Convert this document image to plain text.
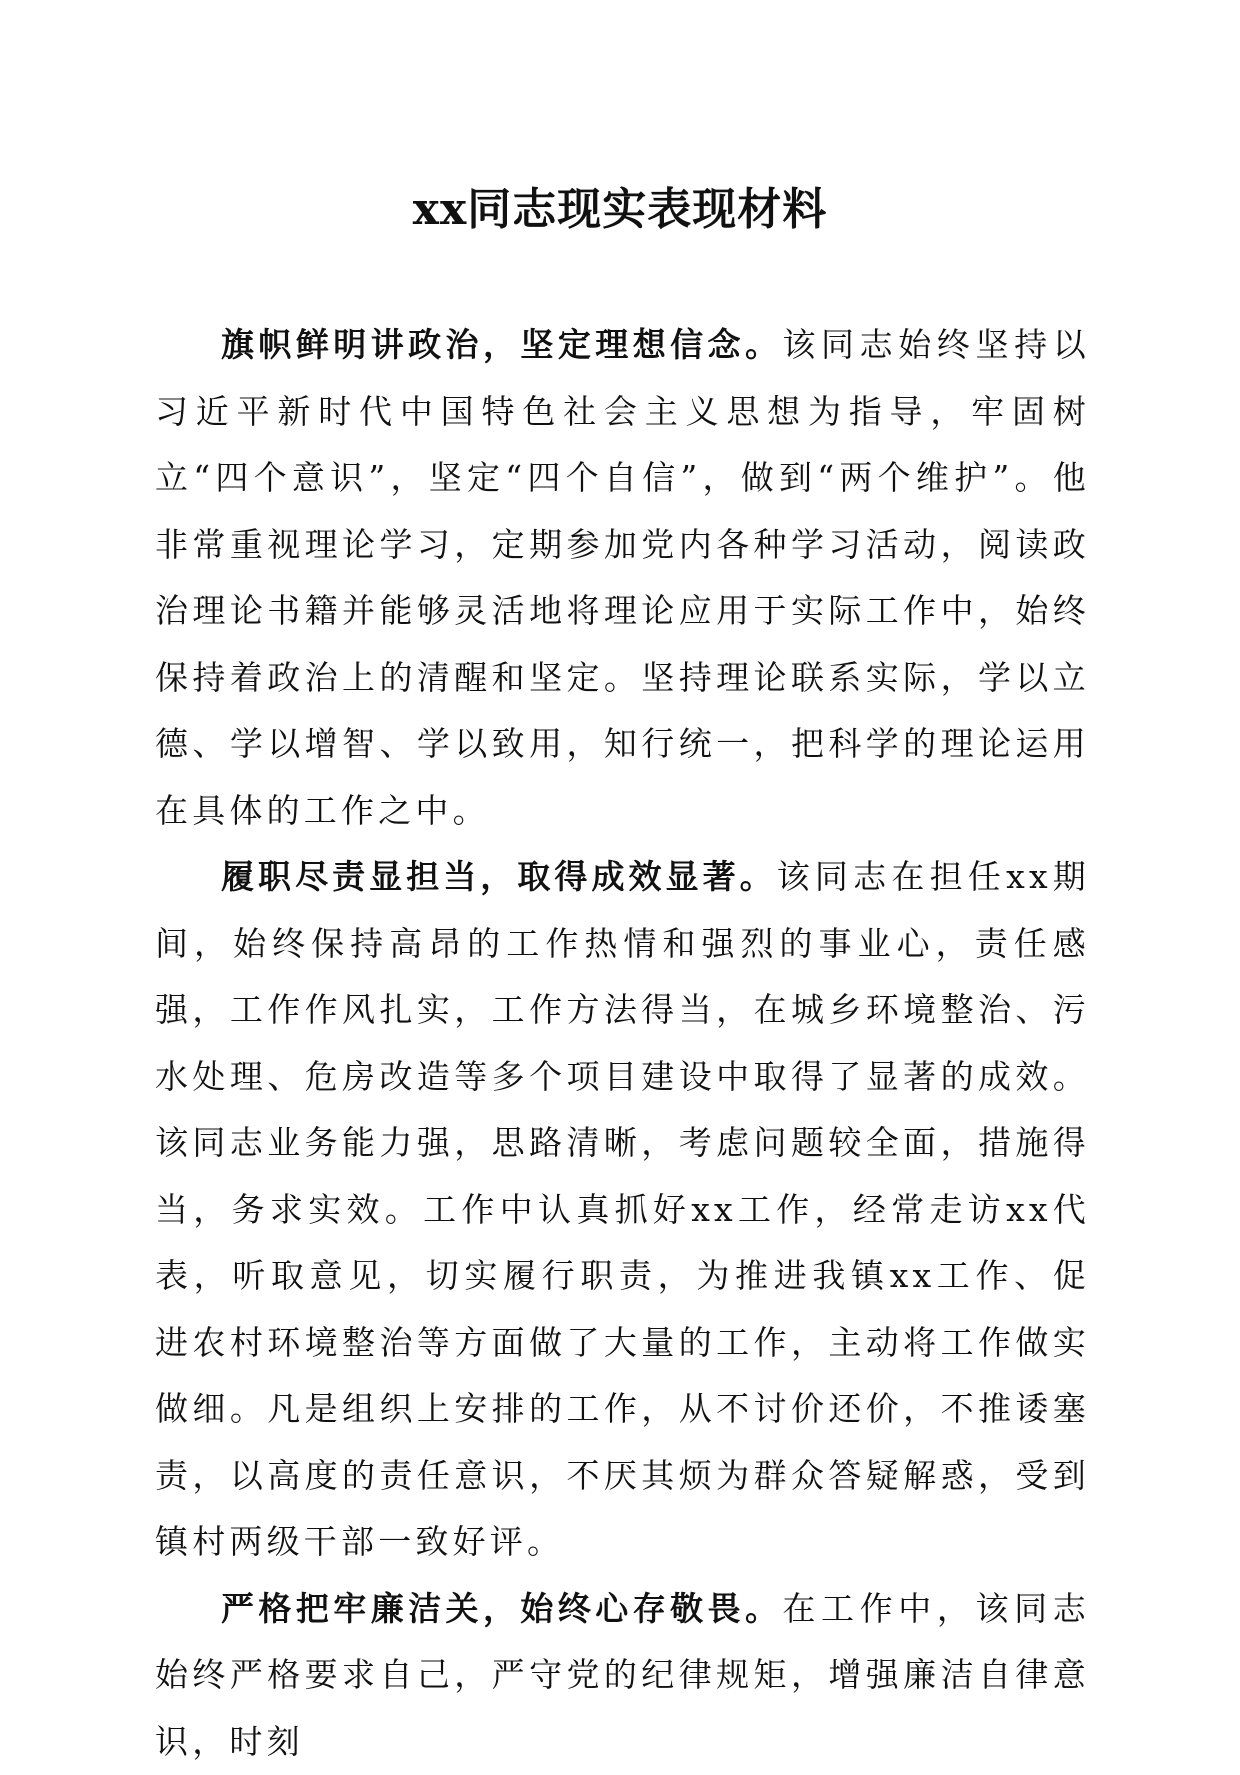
xx同志现实表现材料

旗帜鲜明讲政治，坚定理想信念。该同志始终坚持以习近平新时代中国特色社会主义思想为指导，牢固树立“四个意识”，坚定“四个自信”，做到“两个维护”。他非常重视理论学习，定期参加党内各种学习活动，阅读政治理论书籍并能够灵活地将理论应用于实际工作中，始终保持着政治上的清醒和坚定。坚持理论联系实际，学以立德、学以增智、学以致用，知行统一，把科学的理论运用在具体的工作之中。

履职尽责显担当，取得成效显著。该同志在担任xx期间，始终保持高昂的工作热情和强烈的事业心，责任感强，工作作风扎实，工作方法得当，在城乡环境整治、污水处理、危房改造等多个项目建设中取得了显著的成效。该同志业务能力强，思路清晰，考虑问题较全面，措施得当，务求实效。工作中认真抓好xx工作，经常走访xx代表，听取意见，切实履行职责，为推进我镇xx工作、促进农村环境整治等方面做了大量的工作，主动将工作做实做细。凡是组织上安排的工作，从不讨价还价，不推诿塞责，以高度的责任意识，不厌其烦为群众答疑解惑，受到镇村两级干部一致好评。

严格把牢廉洁关，始终心存敬畏。在工作中，该同志始终严格要求自己，严守党的纪律规矩，增强廉洁自律意识，时刻
